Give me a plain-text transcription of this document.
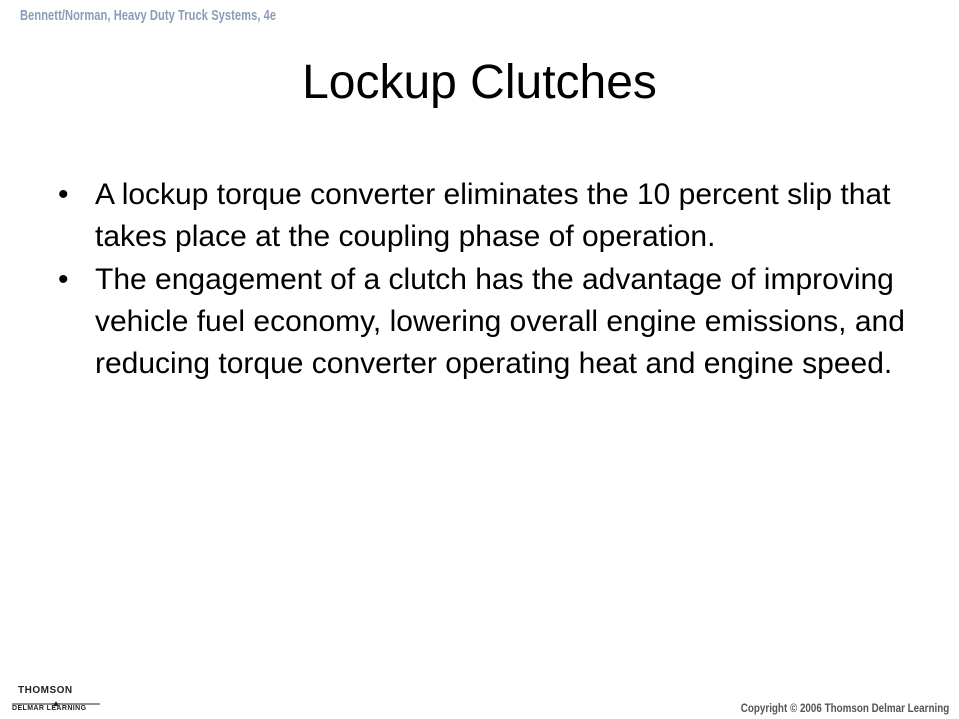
Bennett/Norman, Heavy Duty Truck Systems, 4e
Lockup Clutches
• A lockup torque converter eliminates the 10 percent slip that takes place at the coupling phase of operation.
• The engagement of a clutch has the advantage of improving vehicle fuel economy, lowering overall engine emissions, and reducing torque converter operating heat and engine speed.
THOMSON
DELMAR LEARNING	Copyright © 2006 Thomson Delmar Learning
